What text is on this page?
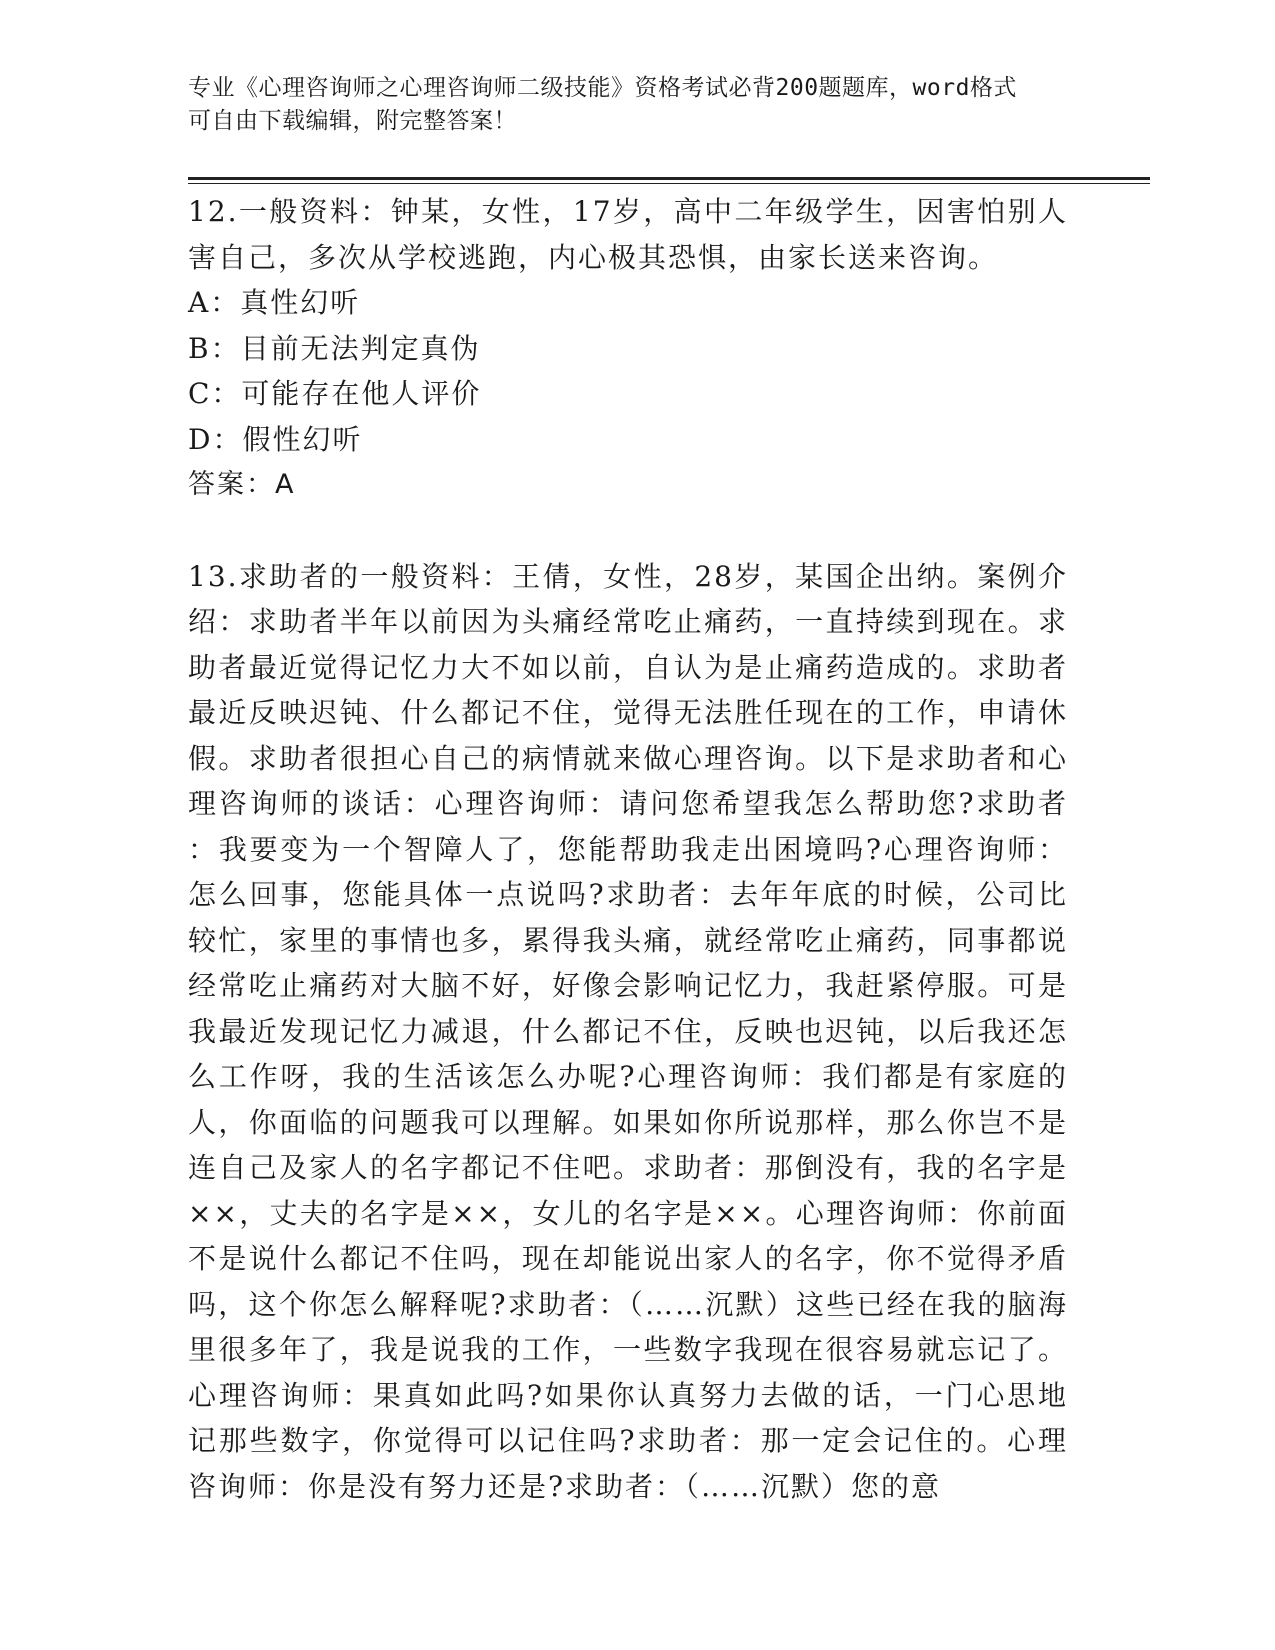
专业《心理咨询师之心理咨询师二级技能》资格考试必背200题题库，word格式
可自由下载编辑，附完整答案！

12.一般资料：钟某，女性，17岁，高中二年级学生，因害怕别人害自己，多次从学校逃跑，内心极其恐惧，由家长送来咨询。

A：真性幻听

B：目前无法判定真伪

C：可能存在他人评价

D：假性幻听

答案：A

13.求助者的一般资料：王倩，女性，28岁，某国企出纳。案例介绍：求助者半年以前因为头痛经常吃止痛药，一直持续到现在。求助者最近觉得记忆力大不如以前，自认为是止痛药造成的。求助者最近反映迟钝、什么都记不住，觉得无法胜任现在的工作，申请休假。求助者很担心自己的病情就来做心理咨询。以下是求助者和心理咨询师的谈话：心理咨询师：请问您希望我怎么帮助您?求助者：我要变为一个智障人了，您能帮助我走出困境吗?心理咨询师：怎么回事，您能具体一点说吗?求助者：去年年底的时候，公司比较忙，家里的事情也多，累得我头痛，就经常吃止痛药，同事都说经常吃止痛药对大脑不好，好像会影响记忆力，我赶紧停服。可是我最近发现记忆力减退，什么都记不住，反映也迟钝，以后我还怎么工作呀，我的生活该怎么办呢?心理咨询师：我们都是有家庭的人，你面临的问题我可以理解。如果如你所说那样，那么你岂不是连自己及家人的名字都记不住吧。求助者：那倒没有，我的名字是××，丈夫的名字是××，女儿的名字是××。心理咨询师：你前面不是说什么都记不住吗，现在却能说出家人的名字，你不觉得矛盾吗，这个你怎么解释呢?求助者：（……沉默）这些已经在我的脑海里很多年了，我是说我的工作，一些数字我现在很容易就忘记了。心理咨询师：果真如此吗?如果你认真努力去做的话，一门心思地记那些数字，你觉得可以记住吗?求助者：那一定会记住的。心理咨询师：你是没有努力还是?求助者：（……沉默）您的意
